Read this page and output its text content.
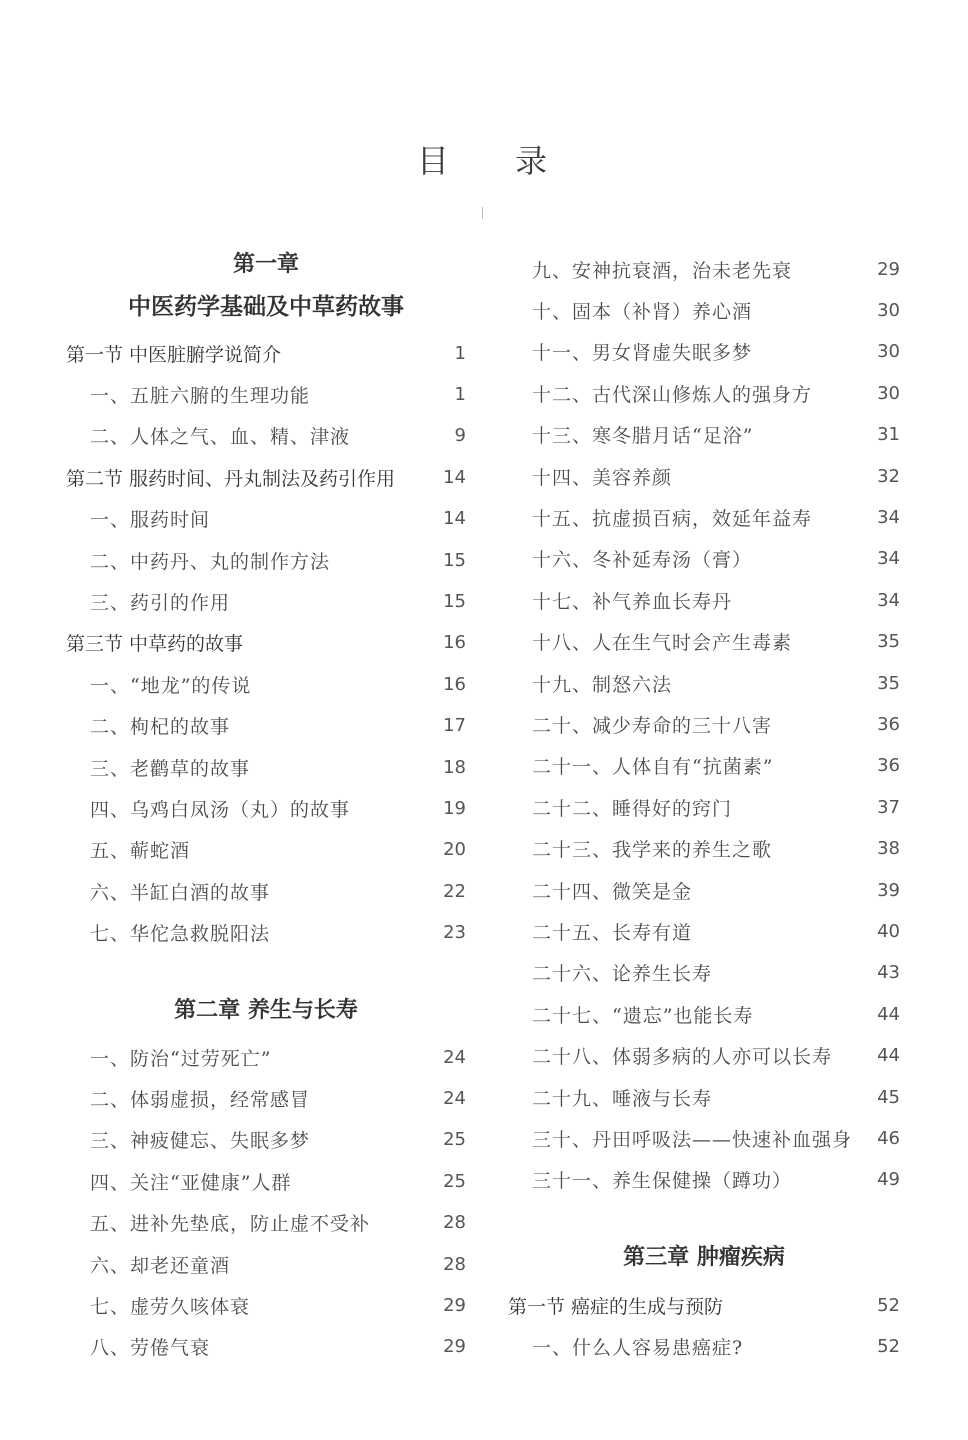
目 录
第一章
中医药学基础及中草药故事
第一节 中医脏腑学说简介	1
一、五脏六腑的生理功能	1
二、人体之气、血、精、津液	9
第二节 服药时间、丹丸制法及药引作用	14
一、服药时间	14
二、中药丹、丸的制作方法	15
三、药引的作用	15
第三节 中草药的故事	16
一、“地龙”的传说	16
二、枸杞的故事	17
三、老鹳草的故事	18
四、乌鸡白凤汤（丸）的故事	19
五、蕲蛇酒	20
六、半缸白酒的故事	22
七、华佗急救脱阳法	23
第二章 养生与长寿
一、防治“过劳死亡”	24
二、体弱虚损，经常感冒	24
三、神疲健忘、失眠多梦	25
四、关注“亚健康”人群	25
五、进补先垫底，防止虚不受补	28
六、却老还童酒	28
七、虚劳久咳体衰	29
八、劳倦气衰	29
九、安神抗衰酒，治未老先衰	29
十、固本（补肾）养心酒	30
十一、男女肾虚失眠多梦	30
十二、古代深山修炼人的强身方	30
十三、寒冬腊月话“足浴”	31
十四、美容养颜	32
十五、抗虚损百病，效延年益寿	34
十六、冬补延寿汤（膏）	34
十七、补气养血长寿丹	34
十八、人在生气时会产生毒素	35
十九、制怒六法	35
二十、减少寿命的三十八害	36
二十一、人体自有“抗菌素”	36
二十二、睡得好的窍门	37
二十三、我学来的养生之歌	38
二十四、微笑是金	39
二十五、长寿有道	40
二十六、论养生长寿	43
二十七、“遗忘”也能长寿	44
二十八、体弱多病的人亦可以长寿	44
二十九、唾液与长寿	45
三十、丹田呼吸法——快速补血强身	46
三十一、养生保健操（蹲功）	49
第三章 肿瘤疾病
第一节 癌症的生成与预防	52
一、什么人容易患癌症?	52
